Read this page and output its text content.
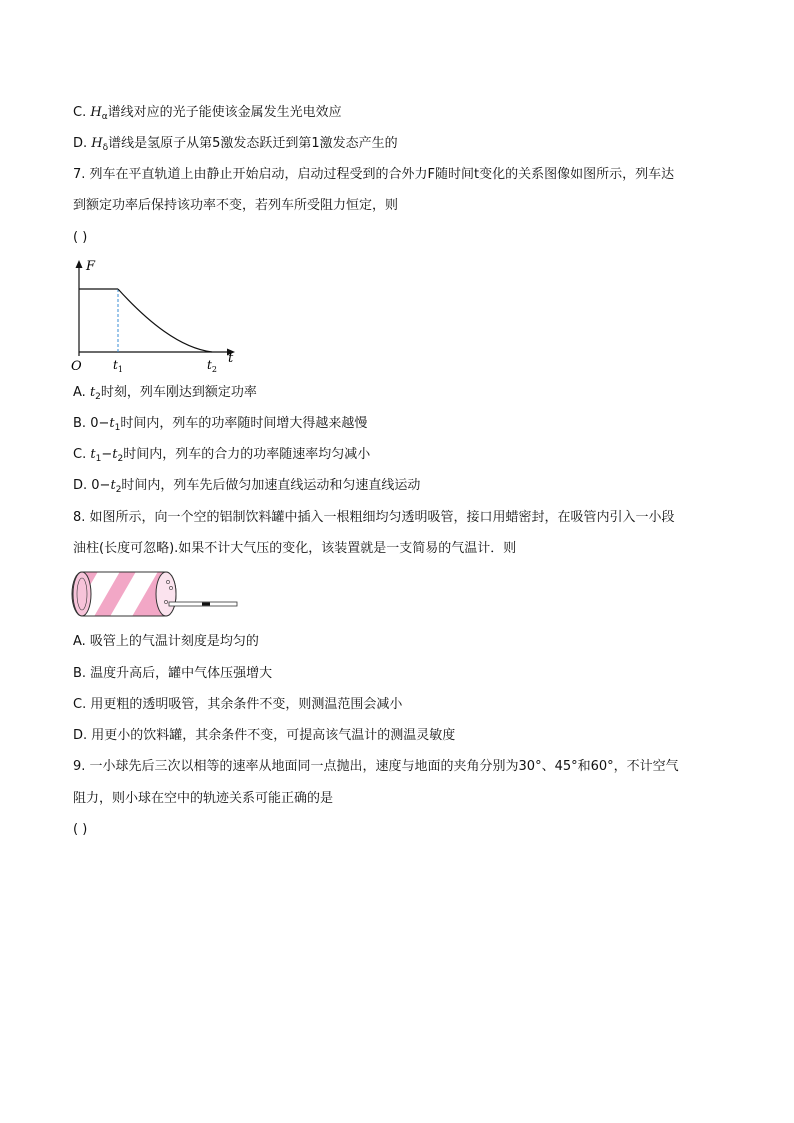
C. $H_\alpha$谱线对应的光子能使该金属发生光电效应
D. $H_\delta$谱线是氢原子从第5激发态跃迁到第1激发态产生的
7. 列车在平直轨道上由静止开始启动，启动过程受到的合外力F随时间t变化的关系图像如图所示，列车达
到额定功率后保持该功率不变，若列车所受阻力恒定，则
( )
F
t
O	$t_1$	$t_2$
A. $t_2$时刻，列车刚达到额定功率
B. $0-t_1$时间内，列车的功率随时间增大得越来越慢
C. $t_1-t_2$时间内，列车的合力的功率随速率均匀减小
D. $0-t_2$时间内，列车先后做匀加速直线运动和匀速直线运动
8. 如图所示，向一个空的铝制饮料罐中插入一根粗细均匀透明吸管，接口用蜡密封，在吸管内引入一小段
油柱(长度可忽略).如果不计大气压的变化，该装置就是一支简易的气温计．则
A. 吸管上的气温计刻度是均匀的
B. 温度升高后，罐中气体压强增大
C. 用更粗的透明吸管，其余条件不变，则测温范围会减小
D. 用更小的饮料罐，其余条件不变，可提高该气温计的测温灵敏度
9. 一小球先后三次以相等的速率从地面同一点抛出，速度与地面的夹角分别为30°、45°和60°，不计空气
阻力，则小球在空中的轨迹关系可能正确的是
( )
